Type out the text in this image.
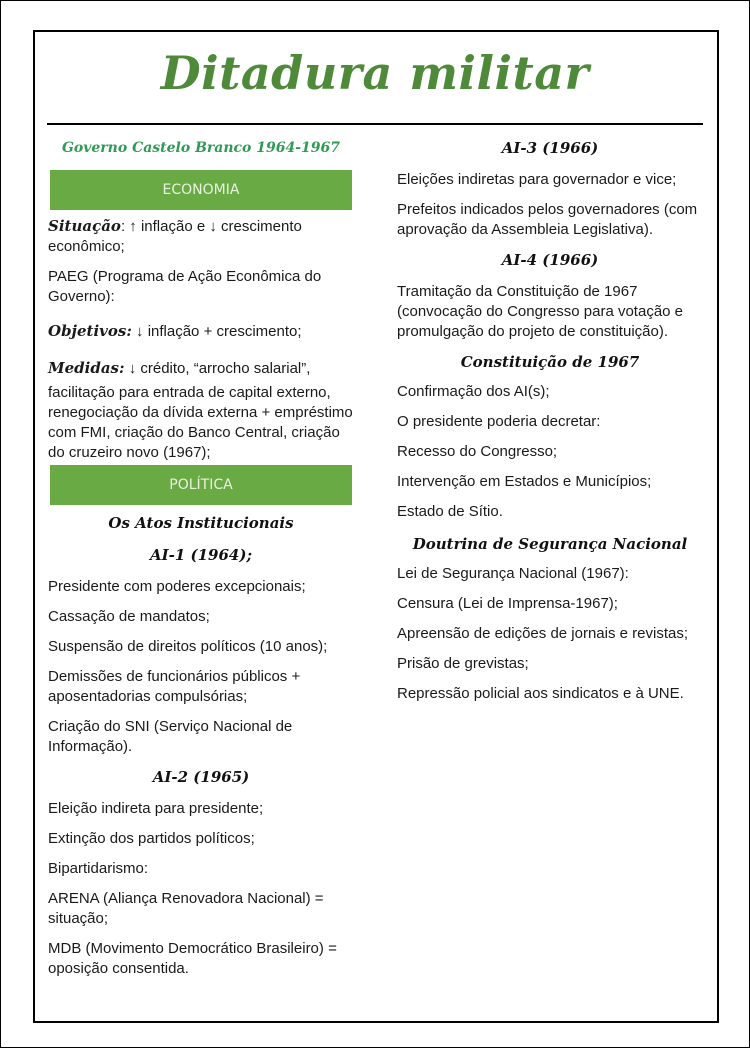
Ditadura militar
Governo Castelo Branco 1964-1967
ECONOMIA

Situação: ↑ inflação e ↓ crescimento econômico;

PAEG (Programa de Ação Econômica do Governo):

Objetivos: ↓ inflação + crescimento;

Medidas: ↓ crédito, “arrocho salarial”,

facilitação para entrada de capital externo, renegociação da dívida externa + empréstimo com FMI, criação do Banco Central, criação do cruzeiro novo (1967);

POLÍTICA
Os Atos Institucionais
AI-1 (1964);

Presidente com poderes excepcionais;

Cassação de mandatos;

Suspensão de direitos políticos (10 anos);

Demissões de funcionários públicos + aposentadorias compulsórias;

Criação do SNI (Serviço Nacional de Informação).

AI-2 (1965)

Eleição indireta para presidente;

Extinção dos partidos políticos;

Bipartidarismo:

ARENA (Aliança Renovadora Nacional) = situação;

MDB (Movimento Democrático Brasileiro) = oposição consentida.

AI-3 (1966)

Eleições indiretas para governador e vice;

Prefeitos indicados pelos governadores (com aprovação da Assembleia Legislativa).

AI-4 (1966)

Tramitação da Constituição de 1967 (convocação do Congresso para votação e promulgação do projeto de constituição).

Constituição de 1967

Confirmação dos AI(s);

O presidente poderia decretar:

Recesso do Congresso;

Intervenção em Estados e Municípios;

Estado de Sítio.

Doutrina de Segurança Nacional

Lei de Segurança Nacional (1967):

Censura (Lei de Imprensa-1967);

Apreensão de edições de jornais e revistas;

Prisão de grevistas;

Repressão policial aos sindicatos e à UNE.
